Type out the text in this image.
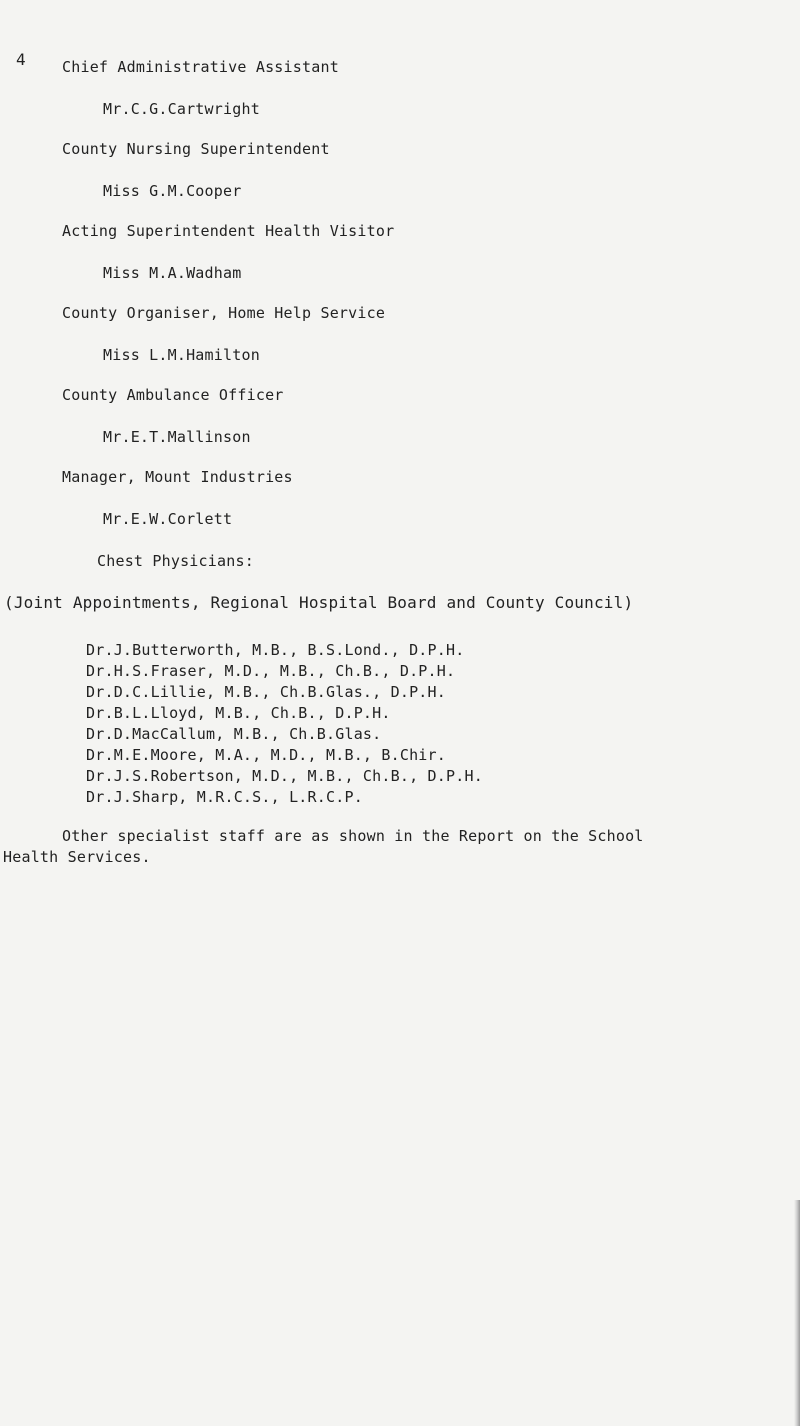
4 Chief Administrative Assistant
Mr.C.G.Cartwright
County Nursing Superintendent
Miss G.M.Cooper
Acting Superintendent Health Visitor
Miss M.A.Wadham
County Organiser, Home Help Service
Miss L.M.Hamilton
County Ambulance Officer
Mr.E.T.Mallinson
Manager, Mount Industries
Mr.E.W.Corlett
Chest Physicians:
(Joint Appointments, Regional Hospital Board and County Council)
Dr.J.Butterworth, M.B., B.S.Lond., D.P.H.
Dr.H.S.Fraser, M.D., M.B., Ch.B., D.P.H.
Dr.D.C.Lillie, M.B., Ch.B.Glas., D.P.H.
Dr.B.L.Lloyd, M.B., Ch.B., D.P.H.
Dr.D.MacCallum, M.B., Ch.B.Glas.
Dr.M.E.Moore, M.A., M.D., M.B., B.Chir.
Dr.J.S.Robertson, M.D., M.B., Ch.B., D.P.H.
Dr.J.Sharp, M.R.C.S., L.R.C.P.
Other specialist staff are as shown in the Report on the School
Health Services.
